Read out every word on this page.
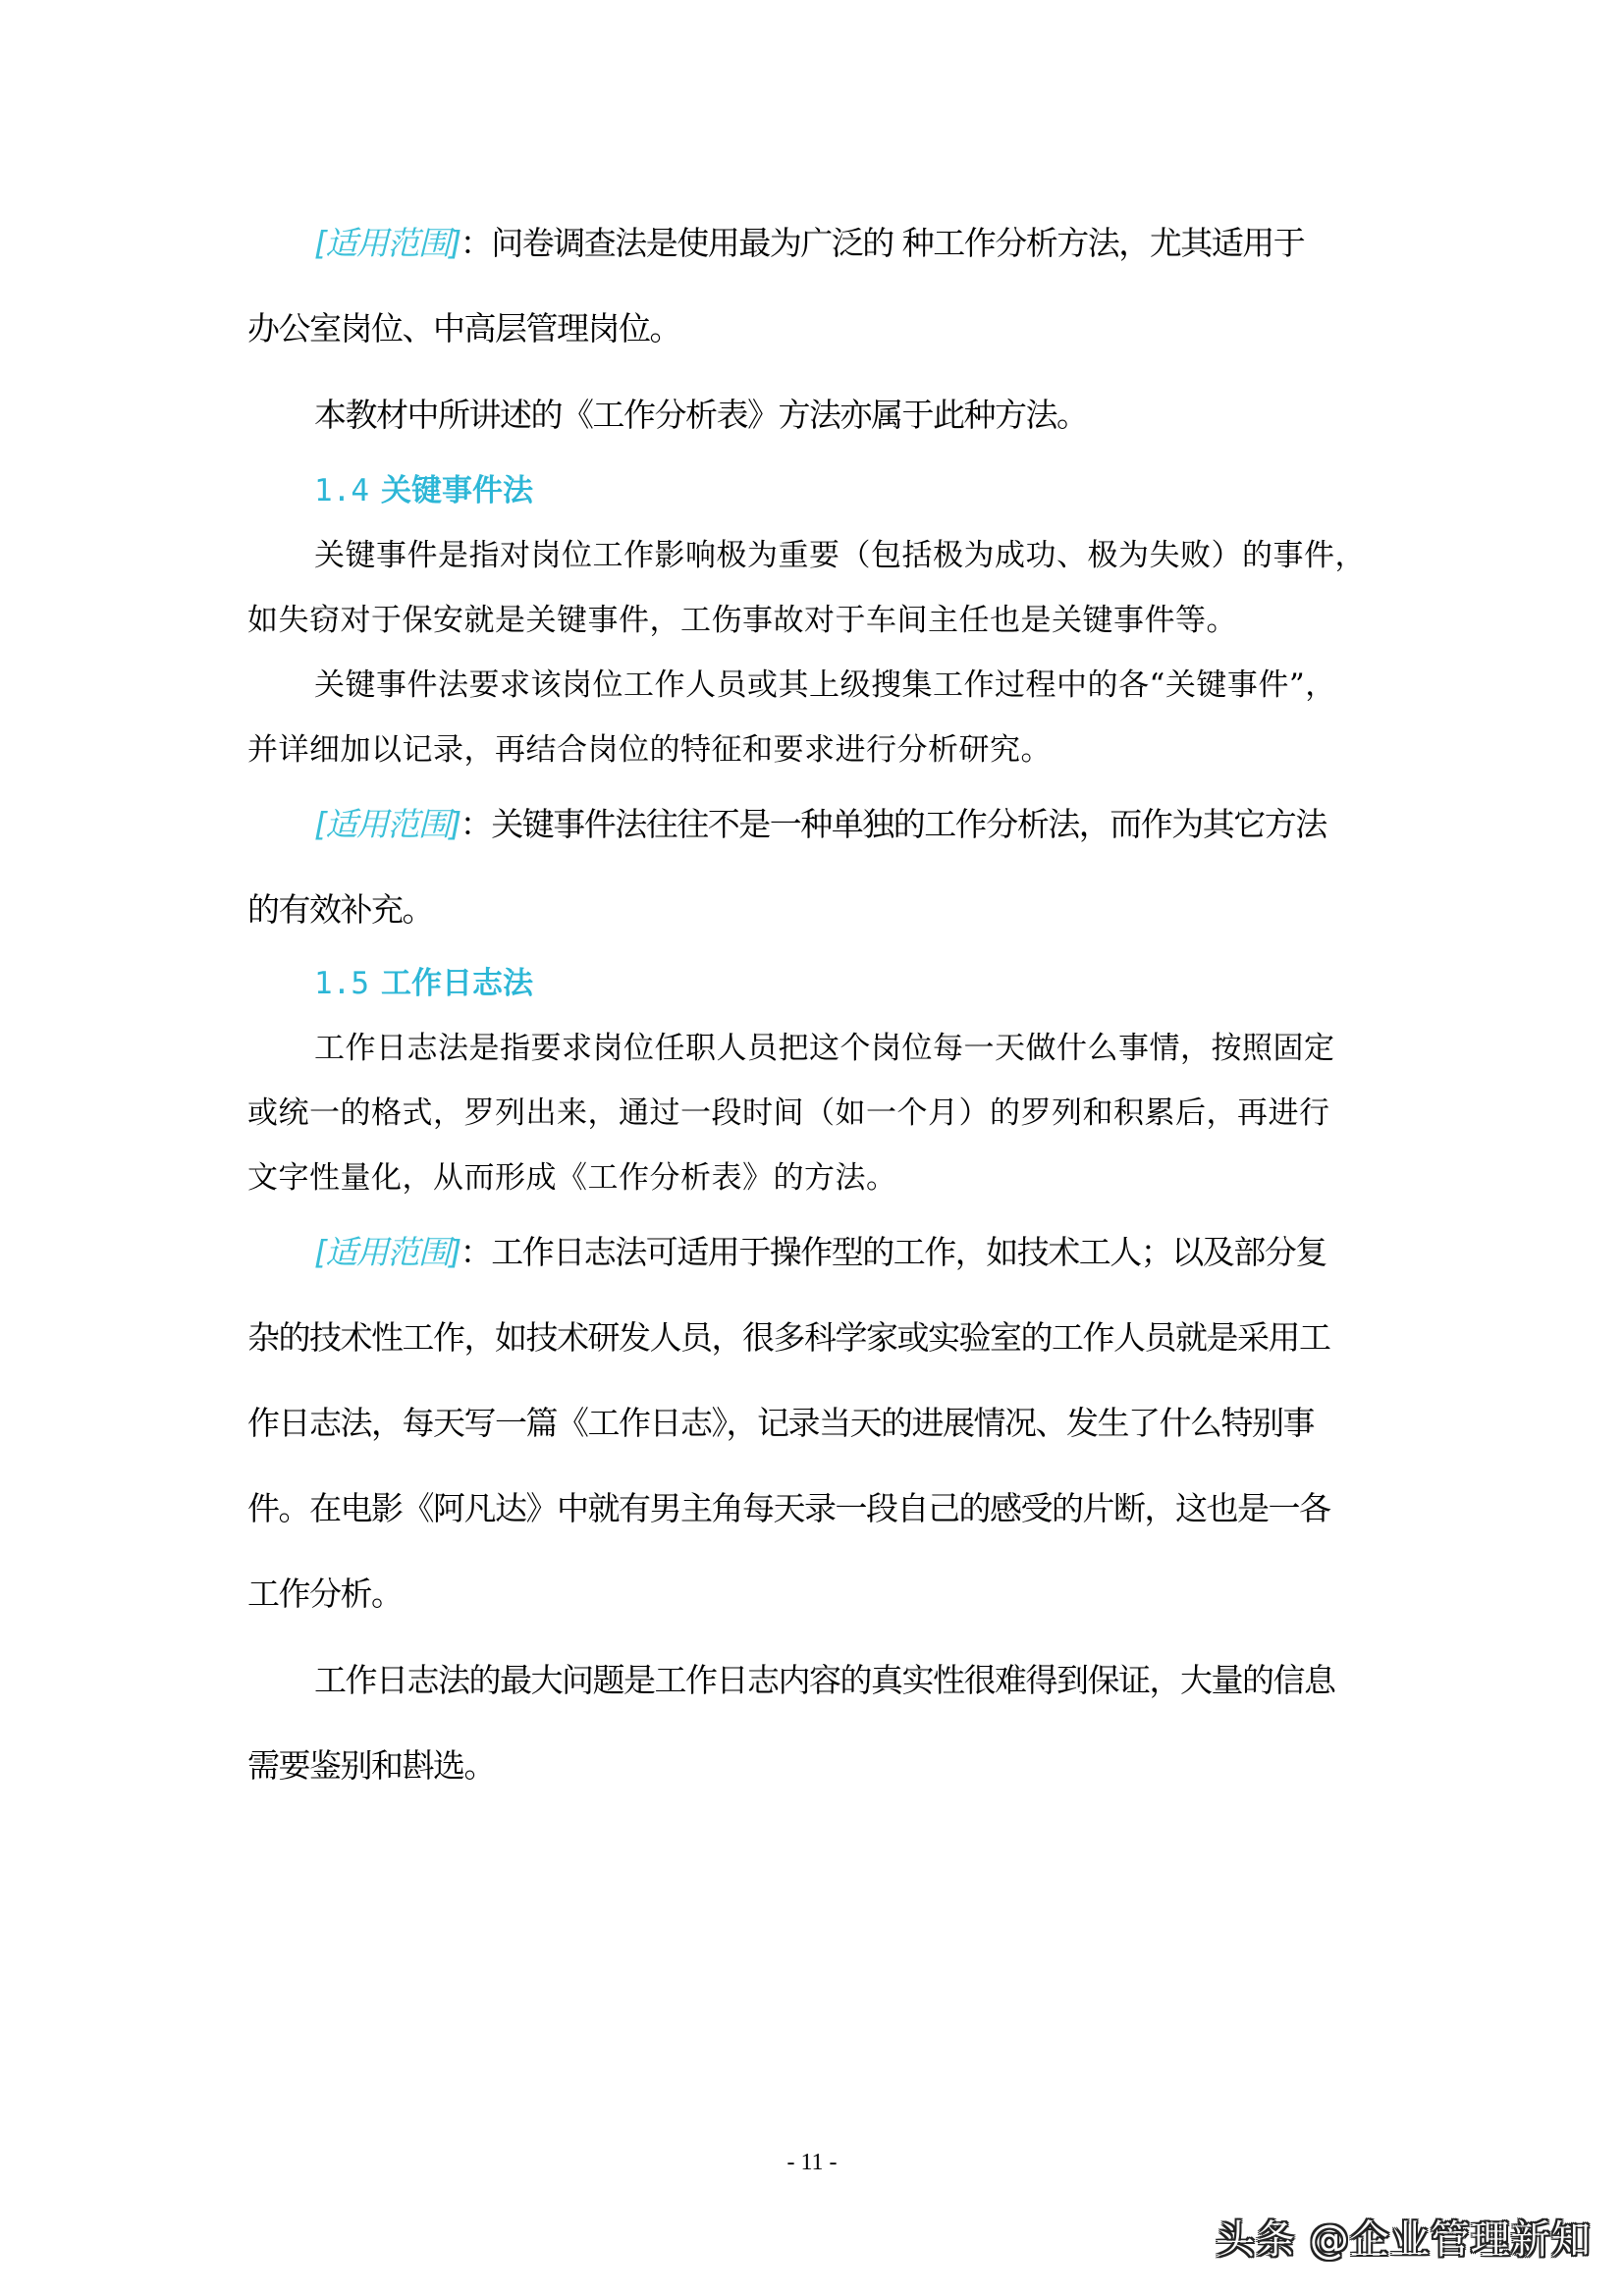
[适用范围]：问卷调查法是使用最为广泛的 种工作分析方法，尤其适用于
办公室岗位、中高层管理岗位。
本教材中所讲述的《工作分析表》方法亦属于此种方法。
1.4 关键事件法
关键事件是指对岗位工作影响极为重要（包括极为成功、极为失败）的事件，
如失窃对于保安就是关键事件，工伤事故对于车间主任也是关键事件等。
关键事件法要求该岗位工作人员或其上级搜集工作过程中的各“关键事件”，
并详细加以记录，再结合岗位的特征和要求进行分析研究。
[适用范围]：关键事件法往往不是一种单独的工作分析法，而作为其它方法
的有效补充。
1.5 工作日志法
工作日志法是指要求岗位任职人员把这个岗位每一天做什么事情，按照固定
或统一的格式，罗列出来，通过一段时间（如一个月）的罗列和积累后，再进行
文字性量化，从而形成《工作分析表》的方法。
[适用范围]：工作日志法可适用于操作型的工作，如技术工人；以及部分复
杂的技术性工作，如技术研发人员，很多科学家或实验室的工作人员就是采用工
作日志法，每天写一篇《工作日志》，记录当天的进展情况、发生了什么特别事
件。在电影《阿凡达》中就有男主角每天录一段自己的感受的片断，这也是一各
工作分析。
工作日志法的最大问题是工作日志内容的真实性很难得到保证，大量的信息
需要鉴别和斟选。
- 11 -
头条 @企业管理新知
